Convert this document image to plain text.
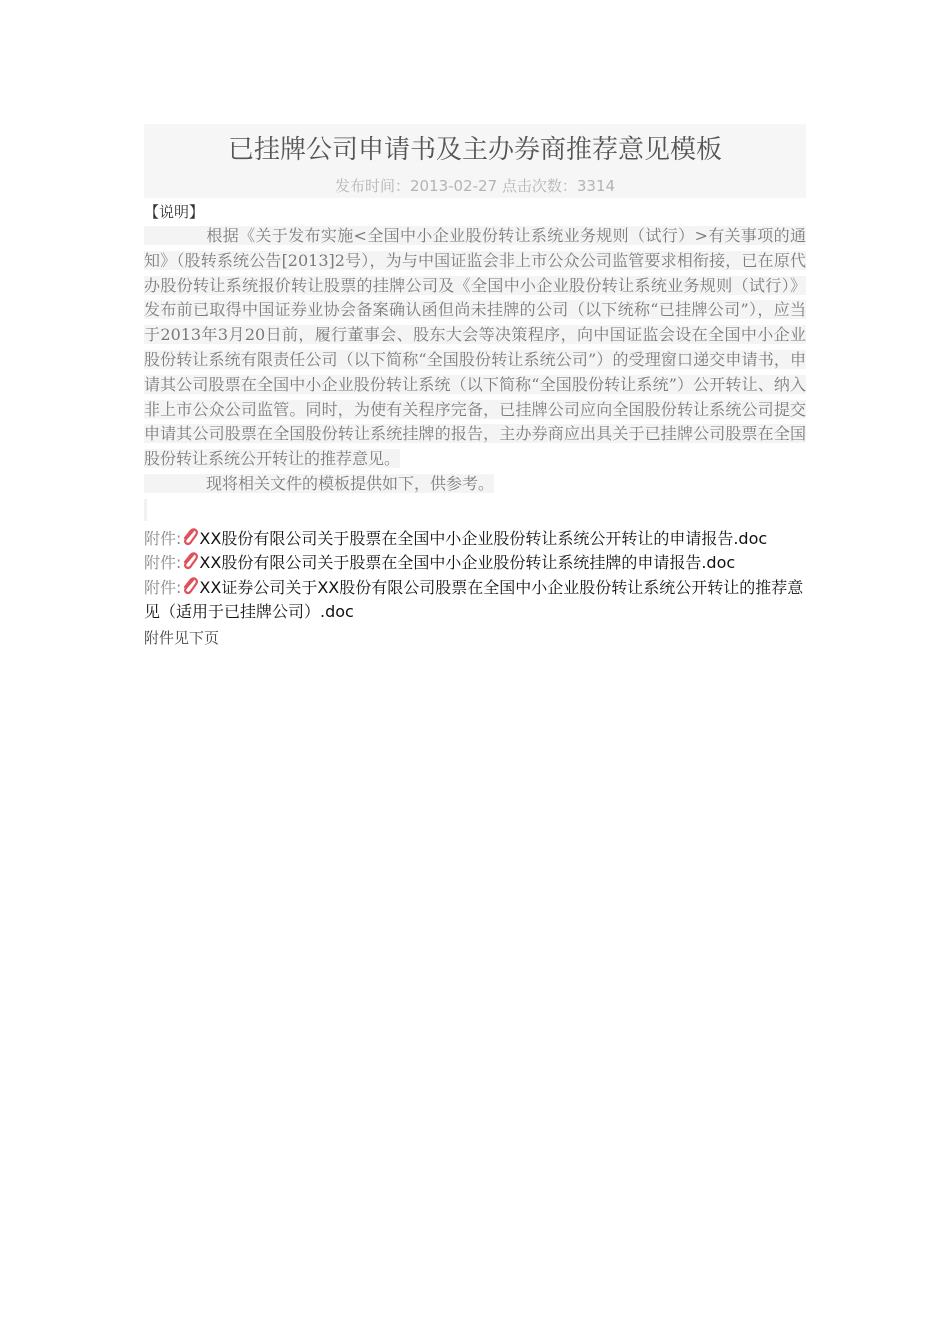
已挂牌公司申请书及主办券商推荐意见模板
发布时间：2013-02-27 点击次数：3314
【说明】

根据《关于发布实施<全国中小企业股份转让系统业务规则（试行）>有关事项的通知》（股转系统公告[2013]2号），为与中国证监会非上市公众公司监管要求相衔接，已在原代办股份转让系统报价转让股票的挂牌公司及《全国中小企业股份转让系统业务规则（试行）》发布前已取得中国证券业协会备案确认函但尚未挂牌的公司（以下统称“已挂牌公司”），应当于2013年3月20日前，履行董事会、股东大会等决策程序，向中国证监会设在全国中小企业股份转让系统有限责任公司（以下简称“全国股份转让系统公司”）的受理窗口递交申请书，申请其公司股票在全国中小企业股份转让系统（以下简称“全国股份转让系统”）公开转让、纳入非上市公众公司监管。同时，为使有关程序完备，已挂牌公司应向全国股份转让系统公司提交申请其公司股票在全国股份转让系统挂牌的报告，主办券商应出具关于已挂牌公司股票在全国股份转让系统公开转让的推荐意见。

现将相关文件的模板提供如下，供参考。

附件: XX股份有限公司关于股票在全国中小企业股份转让系统公开转让的申请报告.doc
附件: XX股份有限公司关于股票在全国中小企业股份转让系统挂牌的申请报告.doc
附件: XX证券公司关于XX股份有限公司股票在全国中小企业股份转让系统公开转让的推荐意见（适用于已挂牌公司）.doc
附件见下页
